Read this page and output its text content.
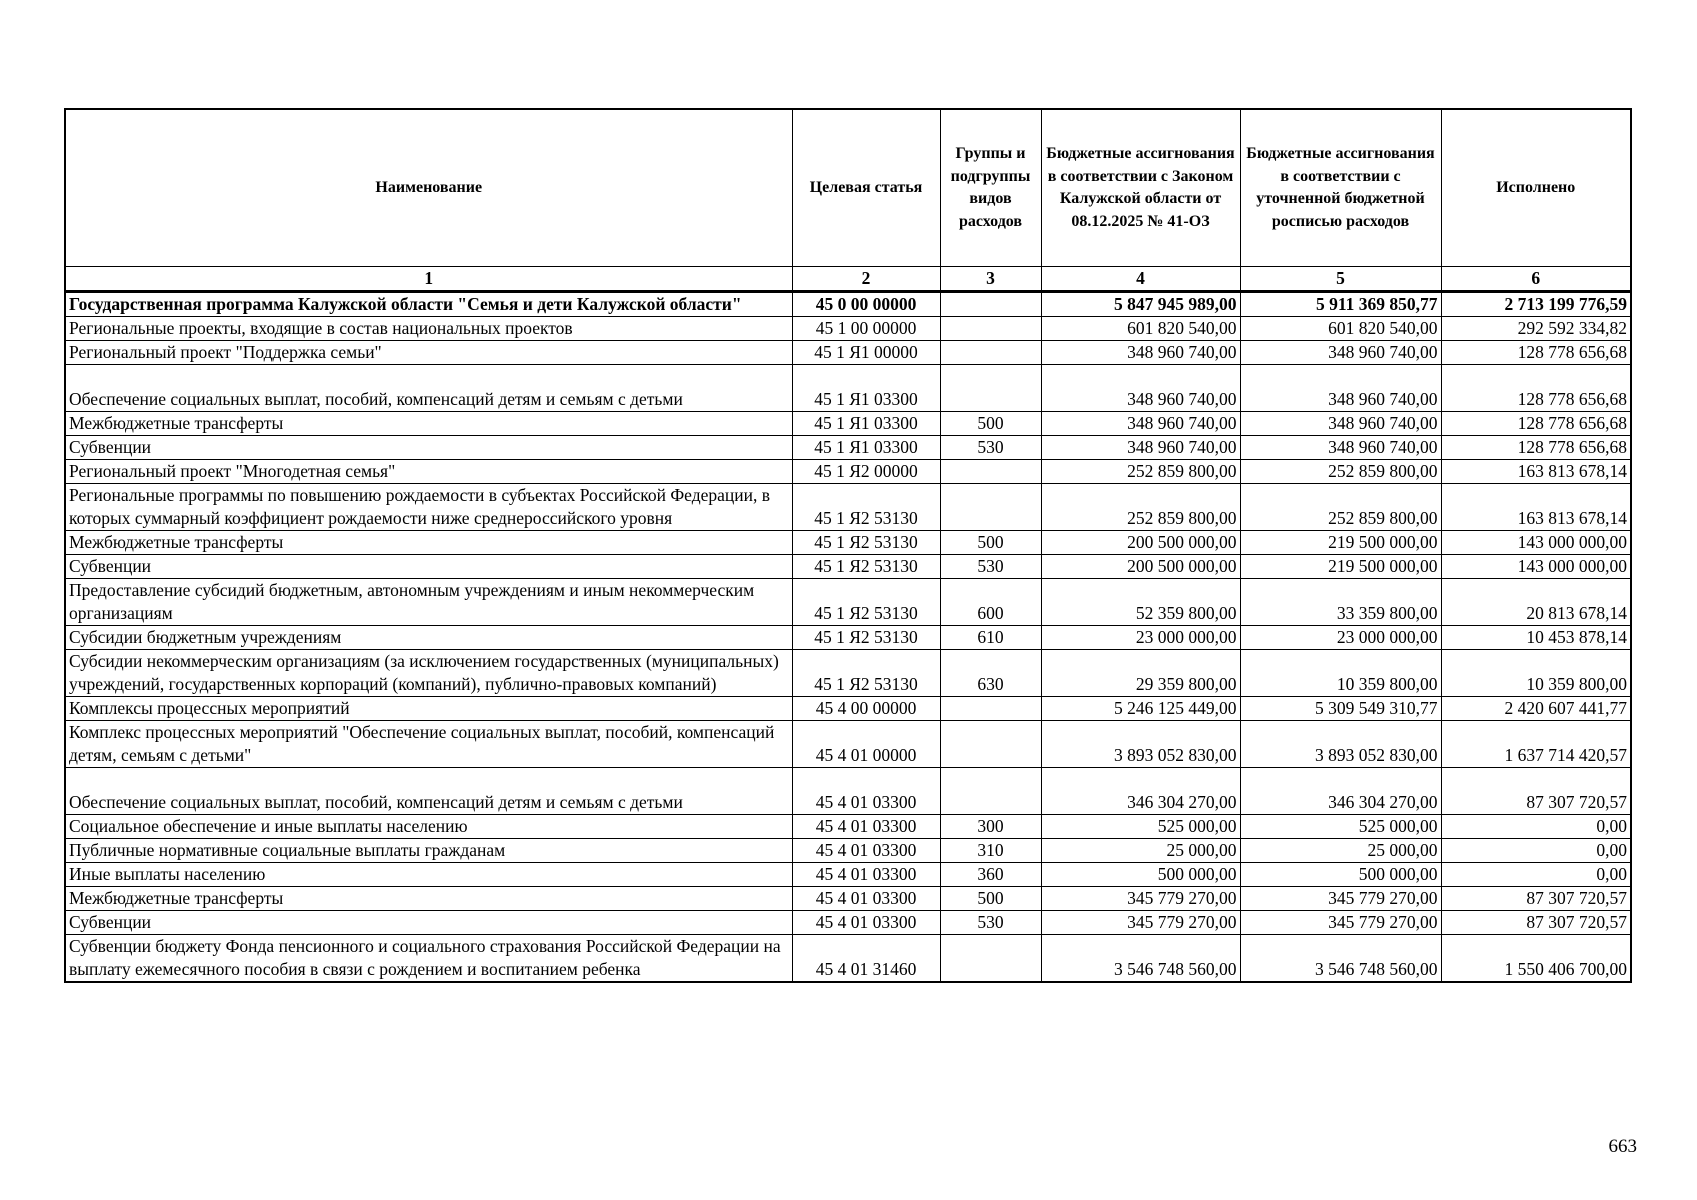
Наименование	Целевая статья	Группы и подгруппы видов расходов	Бюджетные ассигнования в соответствии с Законом Калужской области от 08.12.2025 № 41-ОЗ	Бюджетные ассигнования в соответствии с уточненной бюджетной росписью расходов	Исполнено
1	2	3	4	5	6
Государственная программа Калужской области "Семья и дети Калужской области"	45 0 00 00000		5 847 945 989,00	5 911 369 850,77	2 713 199 776,59
Региональные проекты, входящие в состав национальных проектов	45 1 00 00000		601 820 540,00	601 820 540,00	292 592 334,82
Региональный проект "Поддержка семьи"	45 1 Я1 00000		348 960 740,00	348 960 740,00	128 778 656,68
Обеспечение социальных выплат, пособий, компенсаций детям и семьям с детьми	45 1 Я1 03300		348 960 740,00	348 960 740,00	128 778 656,68
Межбюджетные трансферты	45 1 Я1 03300	500	348 960 740,00	348 960 740,00	128 778 656,68
Субвенции	45 1 Я1 03300	530	348 960 740,00	348 960 740,00	128 778 656,68
Региональный проект "Многодетная семья"	45 1 Я2 00000		252 859 800,00	252 859 800,00	163 813 678,14
Региональные программы по повышению рождаемости в субъектах Российской Федерации, в которых суммарный коэффициент рождаемости ниже среднероссийского уровня	45 1 Я2 53130		252 859 800,00	252 859 800,00	163 813 678,14
Межбюджетные трансферты	45 1 Я2 53130	500	200 500 000,00	219 500 000,00	143 000 000,00
Субвенции	45 1 Я2 53130	530	200 500 000,00	219 500 000,00	143 000 000,00
Предоставление субсидий бюджетным, автономным учреждениям и иным некоммерческим организациям	45 1 Я2 53130	600	52 359 800,00	33 359 800,00	20 813 678,14
Субсидии бюджетным учреждениям	45 1 Я2 53130	610	23 000 000,00	23 000 000,00	10 453 878,14
Субсидии некоммерческим организациям (за исключением государственных (муниципальных) учреждений, государственных корпораций (компаний), публично-правовых компаний)	45 1 Я2 53130	630	29 359 800,00	10 359 800,00	10 359 800,00
Комплексы процессных мероприятий	45 4 00 00000		5 246 125 449,00	5 309 549 310,77	2 420 607 441,77
Комплекс процессных мероприятий "Обеспечение социальных выплат, пособий, компенсаций детям, семьям с детьми"	45 4 01 00000		3 893 052 830,00	3 893 052 830,00	1 637 714 420,57
Обеспечение социальных выплат, пособий, компенсаций детям и семьям с детьми	45 4 01 03300		346 304 270,00	346 304 270,00	87 307 720,57
Социальное обеспечение и иные выплаты населению	45 4 01 03300	300	525 000,00	525 000,00	0,00
Публичные нормативные социальные выплаты гражданам	45 4 01 03300	310	25 000,00	25 000,00	0,00
Иные выплаты населению	45 4 01 03300	360	500 000,00	500 000,00	0,00
Межбюджетные трансферты	45 4 01 03300	500	345 779 270,00	345 779 270,00	87 307 720,57
Субвенции	45 4 01 03300	530	345 779 270,00	345 779 270,00	87 307 720,57
Субвенции бюджету Фонда пенсионного и социального страхования Российской Федерации на выплату ежемесячного пособия в связи с рождением и воспитанием ребенка	45 4 01 31460		3 546 748 560,00	3 546 748 560,00	1 550 406 700,00
663
